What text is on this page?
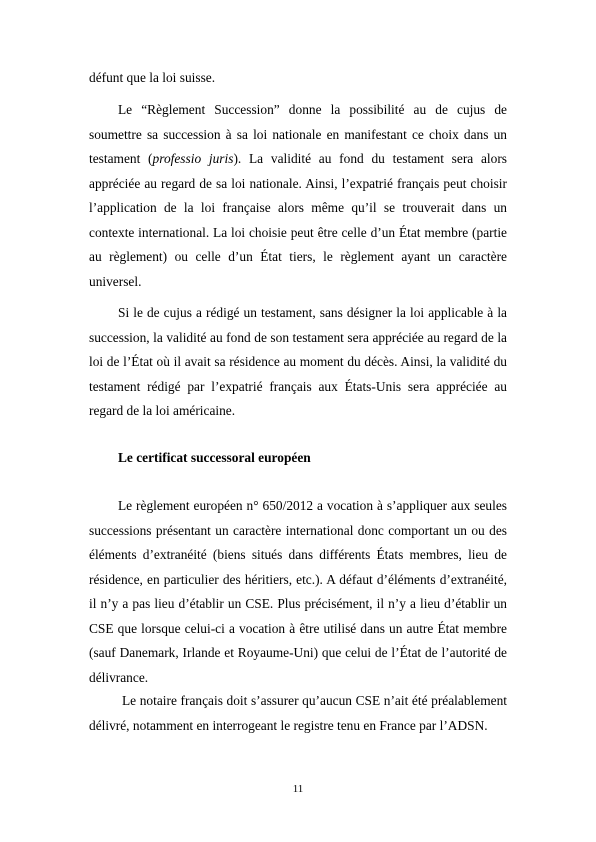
défunt que la loi suisse.

Le “Règlement Succession” donne la possibilité au de cujus de soumettre sa succession à sa loi nationale en manifestant ce choix dans un testament (professio juris). La validité au fond du testament sera alors appréciée au regard de sa loi nationale. Ainsi, l’expatrié français peut choisir l’application de la loi française alors même qu’il se trouverait dans un contexte international. La loi choisie peut être celle d’un État membre (partie au règlement) ou celle d’un État tiers, le règlement ayant un caractère universel.

Si le de cujus a rédigé un testament, sans désigner la loi applicable à la succession, la validité au fond de son testament sera appréciée au regard de la loi de l’État où il avait sa résidence au moment du décès. Ainsi, la validité du testament rédigé par l’expatrié français aux États-Unis sera appréciée au regard de la loi américaine.

Le certificat successoral européen

Le règlement européen n° 650/2012 a vocation à s’appliquer aux seules successions présentant un caractère international donc comportant un ou des éléments d’extranéité (biens situés dans différents États membres, lieu de résidence, en particulier des héritiers, etc.). A défaut d’éléments d’extranéité, il n’y a pas lieu d’établir un CSE. Plus précisément, il n’y a lieu d’établir un CSE que lorsque celui-ci a vocation à être utilisé dans un autre État membre (sauf Danemark, Irlande et Royaume-Uni) que celui de l’État de l’autorité de délivrance.

Le notaire français doit s’assurer qu’aucun CSE n’ait été préalablement délivré, notamment en interrogeant le registre tenu en France par l’ADSN.

11
